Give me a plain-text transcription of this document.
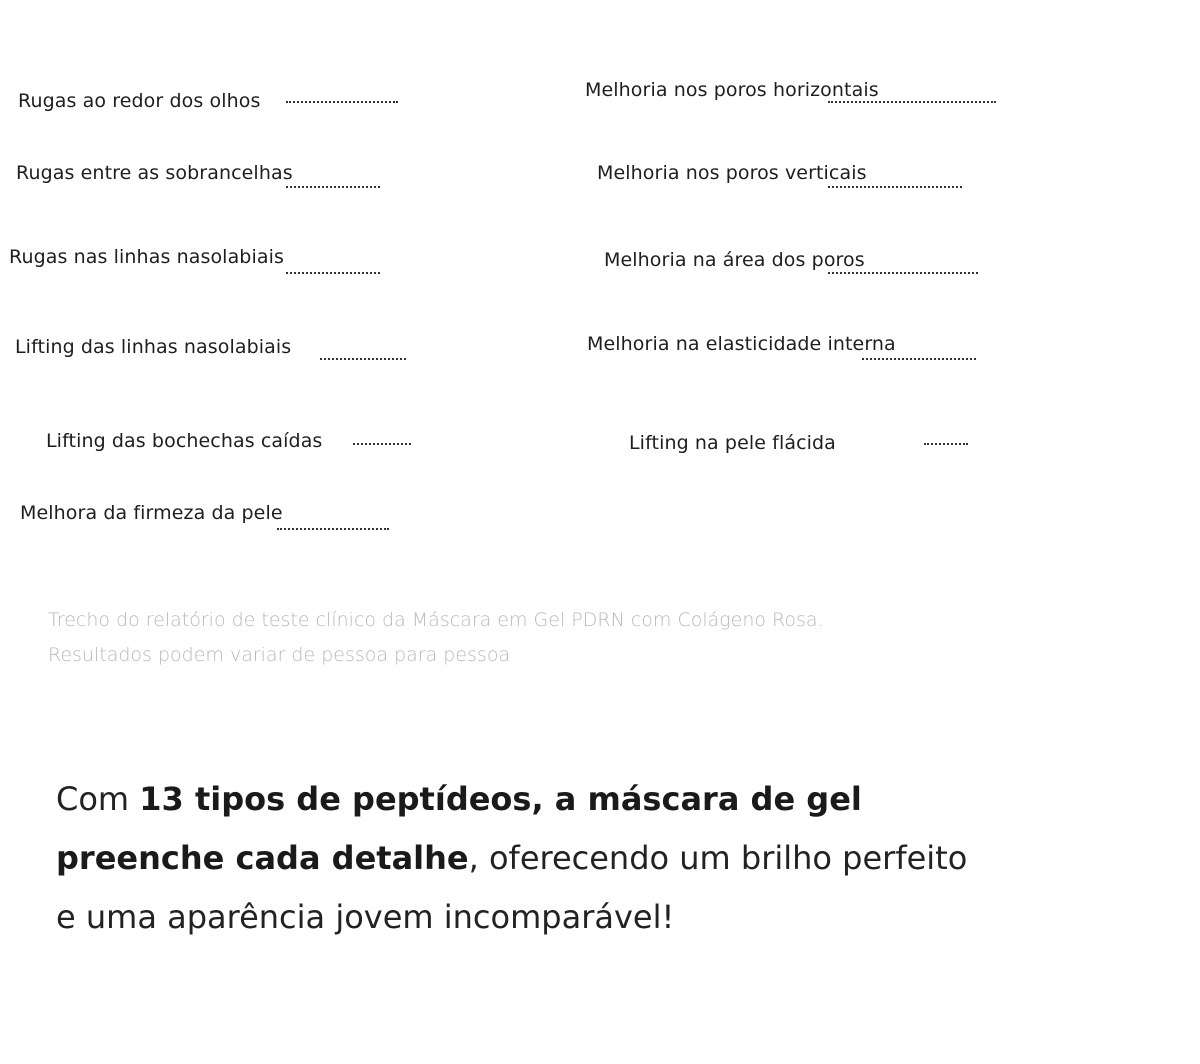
Rugas ao redor dos olhos
Rugas entre as sobrancelhas
Rugas nas linhas nasolabiais
Lifting das linhas nasolabiais
Lifting das bochechas caídas
Melhora da firmeza da pele
Melhoria nos poros horizontais
Melhoria nos poros verticais
Melhoria na área dos poros
Melhoria na elasticidade interna
Lifting na pele flácida
Trecho do relatório de teste clínico da Máscara em Gel PDRN com Colágeno Rosa.
Resultados podem variar de pessoa para pessoa
Com 13 tipos de peptídeos, a máscara de gel
preenche cada detalhe, oferecendo um brilho perfeito
e uma aparência jovem incomparável!
